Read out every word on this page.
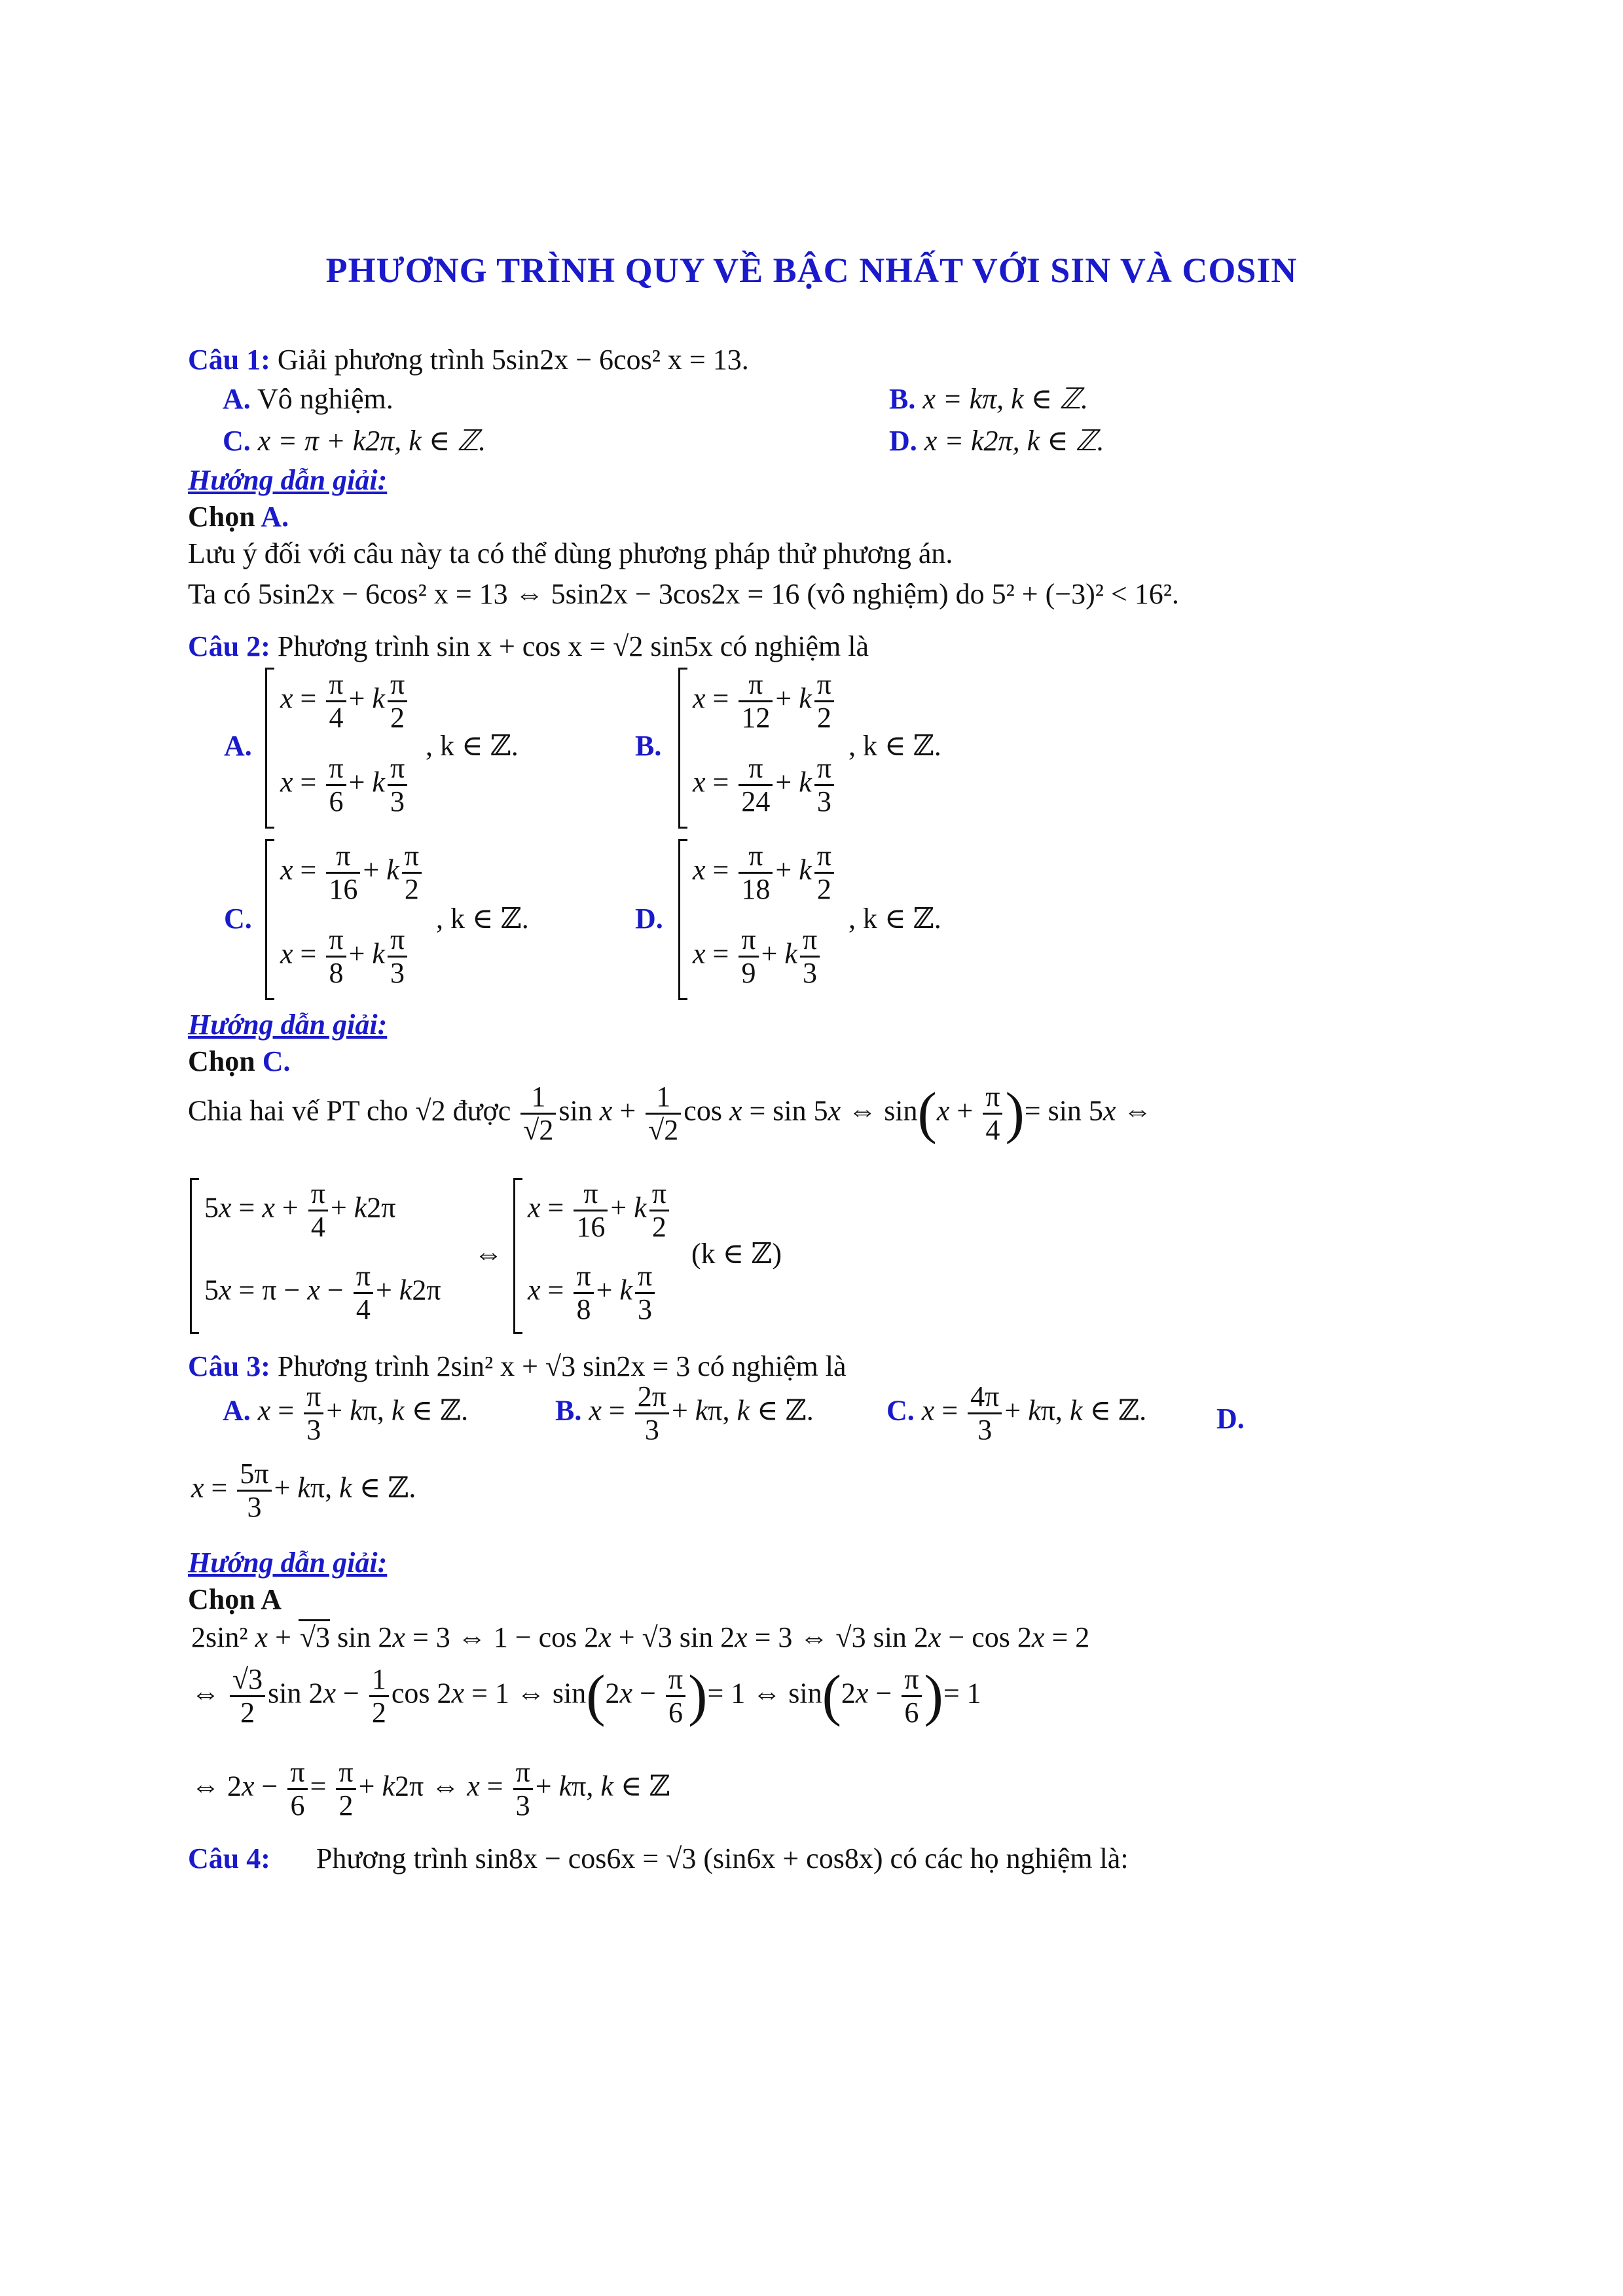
PHƯƠNG TRÌNH QUY VỀ BẬC NHẤT VỚI SIN VÀ COSIN
Câu 1: Giải phương trình 5sin2x − 6cos² x = 13.
A. Vô nghiệm.	B. x = kπ, k ∈ ℤ.
C. x = π + k2π, k ∈ ℤ.	D. x = k2π, k ∈ ℤ.
Hướng dẫn giải:
Chọn A.
Lưu ý đối với câu này ta có thể dùng phương pháp thử phương án.
Ta có 5sin2x − 6cos² x = 13 ⇔ 5sin2x − 3cos2x = 16 (vô nghiệm) do 5² + (−3)² < 16².
Câu 2: Phương trình sin x + cos x = √2 sin5x có nghiệm là
A.
$x = \frac{\pi}{4} + k \frac{\pi}{2}$
$x = \frac{\pi}{6} + k \frac{\pi}{3}$
, k ∈ ℤ.	B.
$x = \frac{\pi}{12} + k \frac{\pi}{2}$
$x = \frac{\pi}{24} + k \frac{\pi}{3}$
, k ∈ ℤ.
C.
$x = \frac{\pi}{16} + k \frac{\pi}{2}$
$x = \frac{\pi}{8} + k \frac{\pi}{3}$
, k ∈ ℤ.	D.
$x = \frac{\pi}{18} + k \frac{\pi}{2}$
$x = \frac{\pi}{9} + k \frac{\pi}{3}$
, k ∈ ℤ.
Hướng dẫn giải:
Chọn C.
Chia hai vế PT cho √2 được $\frac{1}{√2}$ $\sin x + \frac{1}{√2}$ cos x = sin 5x ⇔ $\sin(x + \frac{\pi}{4}$ )= sin 5x ⇔
$5x = x + \frac{\pi}{4} + k2\pi$
$5x = \pi - x - \frac{\pi}{4} + k2\pi$
⇔
$x = \frac{\pi}{16} + k \frac{\pi}{2}$
$x = \frac{\pi}{8} + k \frac{\pi}{3}$
(k ∈ ℤ)
Câu 3: Phương trình 2sin² x + √3 sin2x = 3 có nghiệm là
A. $x = \frac{\pi}{3} + k\pi$, k ∈ ℤ.	B. $x = \frac{2\pi}{3} + k\pi$, k ∈ ℤ.	C. $x = \frac{4\pi}{3} + k\pi$, k ∈ ℤ. D.
$x = \frac{5\pi}{3} + k\pi$, k ∈ ℤ.
Hướng dẫn giải:
Chọn A
2sin² x + √3 sin 2x = 3 ⇔ 1 − cos 2x + √3 sin 2x = 3 ⇔ √3 sin 2x − cos 2x = 2
⇔ $\frac{√3}{2}$ $\sin 2x - \frac{1}{2}$ cos 2x = 1 ⇔ $\sin(2x - \frac{\pi}{6}$ )= 1 ⇔ $\sin(2x - \frac{\pi}{6}$ )= 1
⇔ $2x - \frac{\pi}{6} = \frac{\pi}{2} + k2\pi$ ⇔ $x = \frac{\pi}{3} + k\pi$, k ∈ ℤ
Câu 4: Phương trình sin8x − cos6x = √3 (sin6x + cos8x) có các họ nghiệm là:
